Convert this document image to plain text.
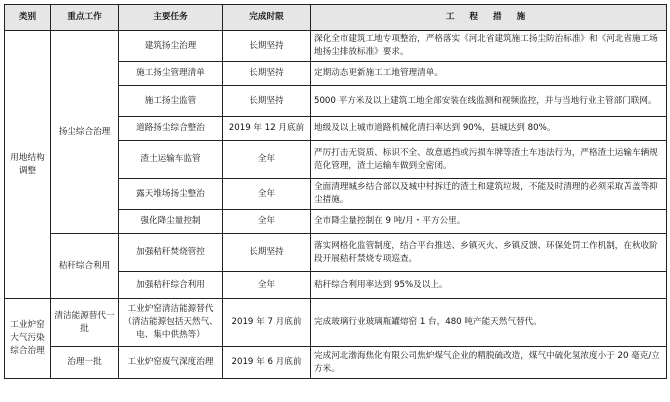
类别	重点工作	主要任务	完成时限	工 程 措 施
用地结构调整	扬尘综合治理	建筑扬尘治理	长期坚持	深化全市建筑工地专项整治，严格落实《河北省建筑施工扬尘防治标准》和《河北省施工场地扬尘排放标准》要求。
		施工扬尘管理清单	长期坚持	定期动态更新施工工地管理清单。
		施工扬尘监管	长期坚持	5000 平方米及以上建筑工地全部安装在线监测和视频监控，并与当地行业主管部门联网。
		道路扬尘综合整治	2019 年 12 月底前	地级及以上城市道路机械化清扫率达到 90%，县城达到 80%。
		渣土运输车监管	全年	严厉打击无资质、标识不全、故意遮挡或污损车牌等渣土车违法行为，严格渣土运输车辆规范化管理，渣土运输车做到全密闭。
		露天堆场扬尘整治	全年	全面清理城乡结合部以及城中村拆迁的渣土和建筑垃圾，不能及时清理的必须采取苫盖等抑尘措施。
		强化降尘量控制	全年	全市降尘量控制在 9 吨/月・平方公里。
	秸秆综合利用	加强秸秆焚烧管控	长期坚持	落实网格化监管制度，结合平台推送、乡镇灭火、乡镇反馈、环保处罚工作机制，在秋收阶段开展秸秆禁烧专项巡查。
		加强秸秆综合利用	全年	秸秆综合利用率达到 95%及以上。
工业炉窑大气污染综合治理	清洁能源替代一批	工业炉窑清洁能源替代（清洁能源包括天然气、电、集中供热等）	2019 年 7 月底前	完成玻璃行业玻璃瓶罐熔窑 1 台，480 吨产能天然气替代。
	治理一批	工业炉窑废气深度治理	2019 年 6 月底前	完成河北渤海焦化有限公司焦炉煤气企业的精脱硫改造，煤气中硫化氢浓度小于 20 毫克/立方米。
